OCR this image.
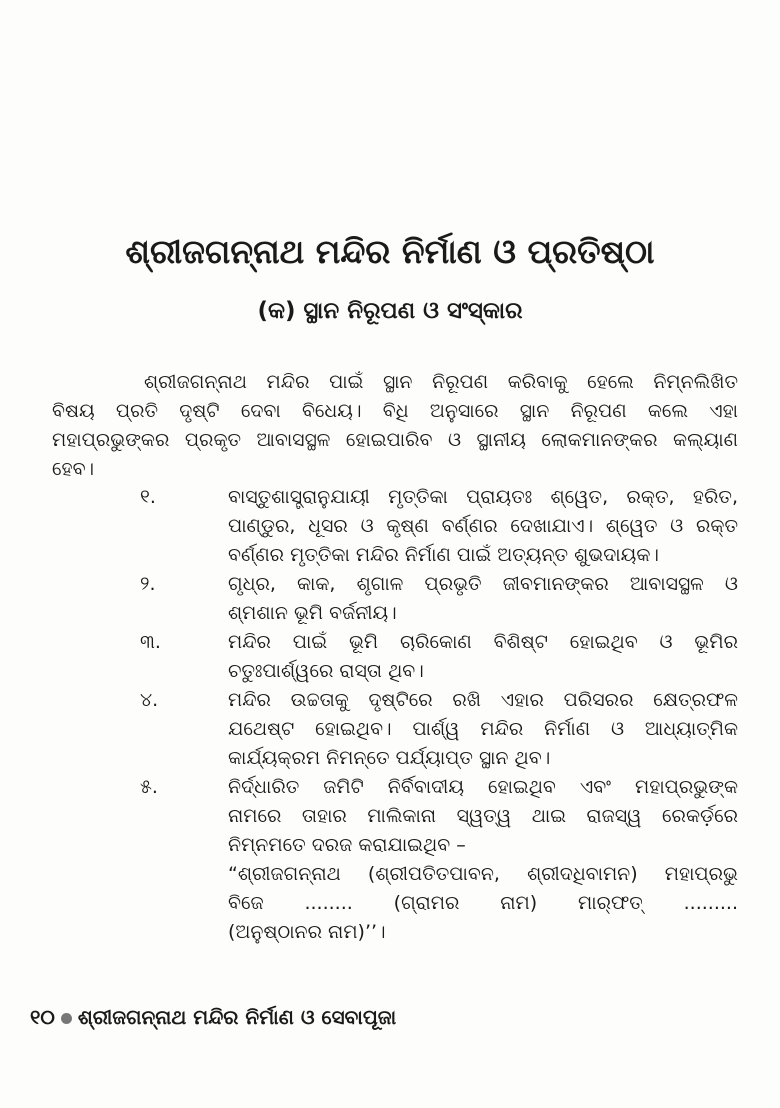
ଶ୍ରୀଜଗନ୍ନାଥ ମନ୍ଦିର ନିର୍ମାଣ ଓ ପ୍ରତିଷ୍ଠା
(କ) ସ୍ଥାନ ନିରୂପଣ ଓ ସଂସ୍କାର
ଶ୍ରୀଜଗନ୍ନାଥ ମନ୍ଦିର ପାଇଁ ସ୍ଥାନ ନିରୂପଣ କରିବାକୁ ହେଲେ ନିମ୍ନଲିଖିତ
ବିଷୟ ପ୍ରତି ଦୃଷ୍ଟି ଦେବା ବିଧେୟ। ବିଧି ଅନୁସାରେ ସ୍ଥାନ ନିରୂପଣ କଲେ ଏହା
ମହାପ୍ରଭୁଙ୍କର ପ୍ରକୃତ ଆବାସସ୍ଥଳ ହୋଇପାରିବ ଓ ସ୍ଥାନୀୟ ଲୋକମାନଙ୍କର କଲ୍ୟାଣ
ହେବ।
୧.	ବାସ୍ତୁଶାସ୍ତ୍ରାନୁଯାୟୀ ମୃତ୍ତିକା ପ୍ରାୟତଃ ଶ୍ୱେତ, ରକ୍ତ, ହରିତ,
ପାଣ୍ଡୁର, ଧୂସର ଓ କୃଷ୍ଣ ବର୍ଣ୍ଣର ଦେଖାଯାଏ। ଶ୍ୱେତ ଓ ରକ୍ତ
ବର୍ଣ୍ଣର ମୃତ୍ତିକା ମନ୍ଦିର ନିର୍ମାଣ ପାଇଁ ଅତ୍ୟନ୍ତ ଶୁଭଦାୟକ।
୨.	ଗୃଧ୍ର, କାକ, ଶୃଗାଳ ପ୍ରଭୃତି ଜୀବମାନଙ୍କର ଆବାସସ୍ଥଳ ଓ
ଶ୍ମଶାନ ଭୂମି ବର୍ଜନୀୟ।
୩.	ମନ୍ଦିର ପାଇଁ ଭୂମି ଚାରିକୋଣ ବିଶିଷ୍ଟ ହୋଇଥିବ ଓ ଭୂମିର
ଚତୁଃପାର୍ଶ୍ୱରେ ରାସ୍ତା ଥିବ।
୪.	ମନ୍ଦିର ଉଚ୍ଚତାକୁ ଦୃଷ୍ଟିରେ ରଖି ଏହାର ପରିସରର କ୍ଷେତ୍ରଫଳ
ଯଥେଷ୍ଟ ହୋଇଥିବ। ପାର୍ଶ୍ୱ ମନ୍ଦିର ନିର୍ମାଣ ଓ ଆଧ୍ୟାତ୍ମିକ
କାର୍ଯ୍ୟକ୍ରମ ନିମନ୍ତେ ପର୍ଯ୍ୟାପ୍ତ ସ୍ଥାନ ଥିବ।
୫.	ନିର୍ଦ୍ଧାରିତ ଜମିଟି ନିର୍ବିବାଦୀୟ ହୋଇଥିବ ଏବଂ ମହାପ୍ରଭୁଙ୍କ
ନାମରେ ତାହାର ମାଲିକାନା ସ୍ୱତ୍ୱ ଥାଇ ରାଜସ୍ୱ ରେକର୍ଡ଼ରେ
ନିମ୍ନମତେ ଦରଜ କରାଯାଇଥିବ –
“ଶ୍ରୀଜଗନ୍ନାଥ (ଶ୍ରୀପତିତପାବନ, ଶ୍ରୀଦଧିବାମନ) ମହାପ୍ରଭୁ
ବିଜେ ........ (ଗ୍ରାମର ନାମ) ମାର୍‌ଫତ୍ .........
(ଅନୁଷ୍ଠାନର ନାମ)’’।
୧୦ ଶ୍ରୀଜଗନ୍ନାଥ ମନ୍ଦିର ନିର୍ମାଣ ଓ ସେବାପୂଜା
